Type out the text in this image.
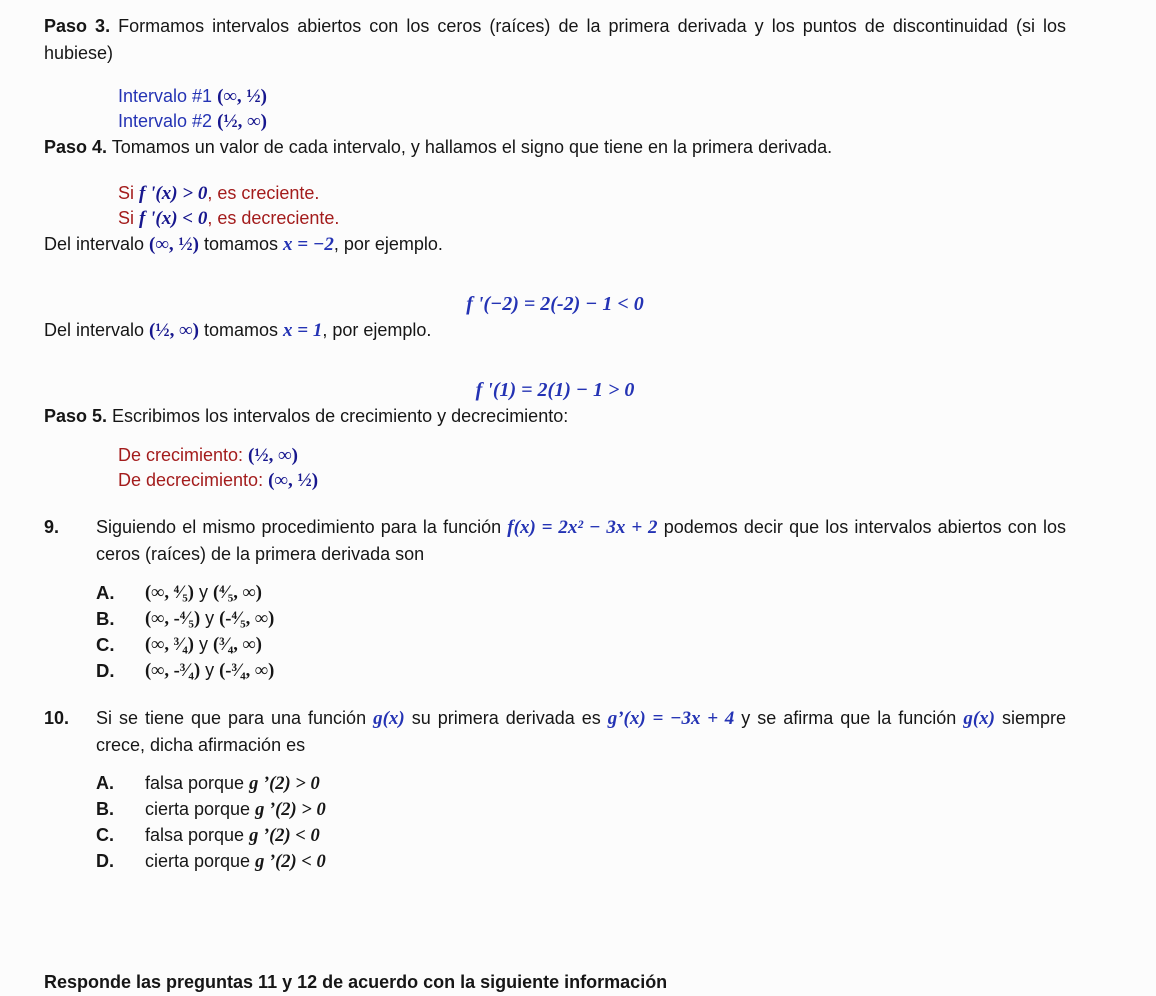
Paso 3. Formamos intervalos abiertos con los ceros (raíces) de la primera derivada y los puntos de discontinuidad (si los hubiese)

Intervalo #1 (∞, ½)
Intervalo #2 (½, ∞)

Paso 4. Tomamos un valor de cada intervalo, y hallamos el signo que tiene en la primera derivada.

Si f '(x) > 0, es creciente.
Si f '(x) < 0, es decreciente.

Del intervalo (∞, ½) tomamos x = −2, por ejemplo.

f '(−2) = 2(-2) − 1 < 0

Del intervalo (½, ∞) tomamos x = 1, por ejemplo.

f '(1) = 2(1) − 1 > 0

Paso 5. Escribimos los intervalos de crecimiento y decrecimiento:

De crecimiento: (½, ∞)
De decrecimiento: (∞, ½)
9. Siguiendo el mismo procedimiento para la función f(x) = 2x² − 3x + 2 podemos decir que los intervalos abiertos con los ceros (raíces) de la primera derivada son
A. (∞, ⁴⁄₅) y (⁴⁄₅, ∞)
B. (∞, -⁴⁄₅) y (-⁴⁄₅, ∞)
C. (∞, ³⁄₄) y (³⁄₄, ∞)
D. (∞, -³⁄₄) y (-³⁄₄, ∞)
10. Si se tiene que para una función g(x) su primera derivada es g’(x) = −3x + 4 y se afirma que la función g(x) siempre crece, dicha afirmación es
A. falsa porque g ’(2) > 0
B. cierta porque g ’(2) > 0
C. falsa porque g ’(2) < 0
D. cierta porque g ’(2) < 0
Responde las preguntas 11 y 12 de acuerdo con la siguiente información
